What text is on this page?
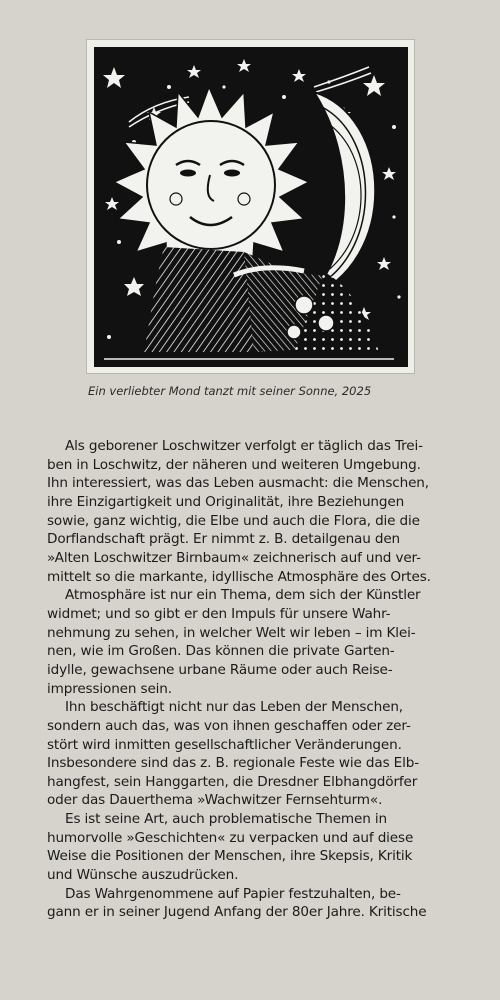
Ein verliebter Mond tanzt mit seiner Sonne, 2025
Als geborener Loschwitzer verfolgt er täglich das Trei-
ben in Loschwitz, der näheren und weiteren Umgebung.
Ihn interessiert, was das Leben ausmacht: die Menschen,
ihre Einzigartigkeit und Originalität, ihre Beziehungen
sowie, ganz wichtig, die Elbe und auch die Flora, die die
Dorflandschaft prägt. Er nimmt z. B. detailgenau den
»Alten Loschwitzer Birnbaum« zeichnerisch auf und ver-
mittelt so die markante, idyllische Atmosphäre des Ortes.
Atmosphäre ist nur ein Thema, dem sich der Künstler
widmet; und so gibt er den Impuls für unsere Wahr-
nehmung zu sehen, in welcher Welt wir leben – im Klei-
nen, wie im Großen. Das können die private Garten-
idylle, gewachsene urbane Räume oder auch Reise-
impressionen sein.
Ihn beschäftigt nicht nur das Leben der Menschen,
sondern auch das, was von ihnen geschaffen oder zer-
stört wird inmitten gesellschaftlicher Veränderungen.
Insbesondere sind das z. B. regionale Feste wie das Elb-
hangfest, sein Hanggarten, die Dresdner Elbhangdörfer
oder das Dauerthema »Wachwitzer Fernsehturm«.
Es ist seine Art, auch problematische Themen in
humorvolle »Geschichten« zu verpacken und auf diese
Weise die Positionen der Menschen, ihre Skepsis, Kritik
und Wünsche auszudrücken.
Das Wahrgenommene auf Papier festzuhalten, be-
gann er in seiner Jugend Anfang der 80er Jahre. Kritische
